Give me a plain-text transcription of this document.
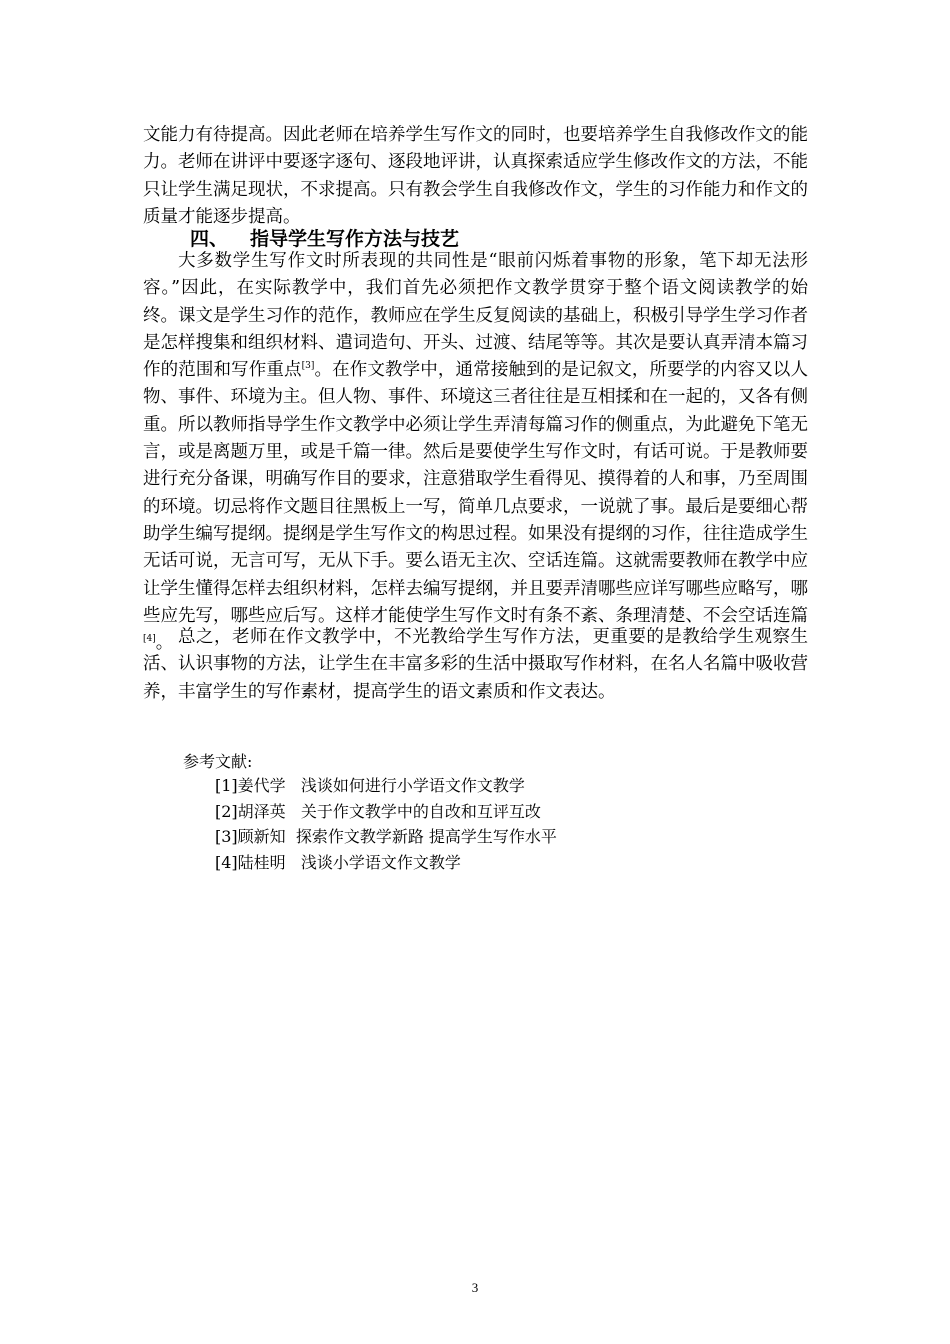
文能力有待提高。因此老师在培养学生写作文的同时，也要培养学生自我修改作文的能力。老师在讲评中要逐字逐句、逐段地评讲，认真探索适应学生修改作文的方法，不能只让学生满足现状，不求提高。只有教会学生自我修改作文，学生的习作能力和作文的质量才能逐步提高。

四、 指导学生写作方法与技艺

大多数学生写作文时所表现的共同性是“眼前闪烁着事物的形象，笔下却无法形容。”因此，在实际教学中，我们首先必须把作文教学贯穿于整个语文阅读教学的始终。课文是学生习作的范作，教师应在学生反复阅读的基础上，积极引导学生学习作者是怎样搜集和组织材料、遣词造句、开头、过渡、结尾等等。其次是要认真弄清本篇习作的范围和写作重点[3]。在作文教学中，通常接触到的是记叙文，所要学的内容又以人物、事件、环境为主。但人物、事件、环境这三者往往是互相揉和在一起的，又各有侧重。所以教师指导学生作文教学中必须让学生弄清每篇习作的侧重点，为此避免下笔无言，或是离题万里，或是千篇一律。然后是要使学生写作文时，有话可说。于是教师要进行充分备课，明确写作目的要求，注意猎取学生看得见、摸得着的人和事，乃至周围的环境。切忌将作文题目往黑板上一写，简单几点要求，一说就了事。最后是要细心帮助学生编写提纲。提纲是学生写作文的构思过程。如果没有提纲的习作，往往造成学生无话可说，无言可写，无从下手。要么语无主次、空话连篇。这就需要教师在教学中应让学生懂得怎样去组织材料，怎样去编写提纲，并且要弄清哪些应详写哪些应略写，哪些应先写，哪些应后写。这样才能使学生写作文时有条不紊、条理清楚、不会空话连篇[4]。 总之，老师在作文教学中，不光教给学生写作方法，更重要的是教给学生观察生活、认识事物的方法，让学生在丰富多彩的生活中摄取写作材料，在名人名篇中吸收营养，丰富学生的写作素材，提高学生的语文素质和作文表达。

参考文献:

[1]姜代学   浅谈如何进行小学语文作文教学
[2]胡泽英   关于作文教学中的自改和互评互改
[3]顾新知  探索作文教学新路 提高学生写作水平
[4]陆桂明   浅谈小学语文作文教学
3
